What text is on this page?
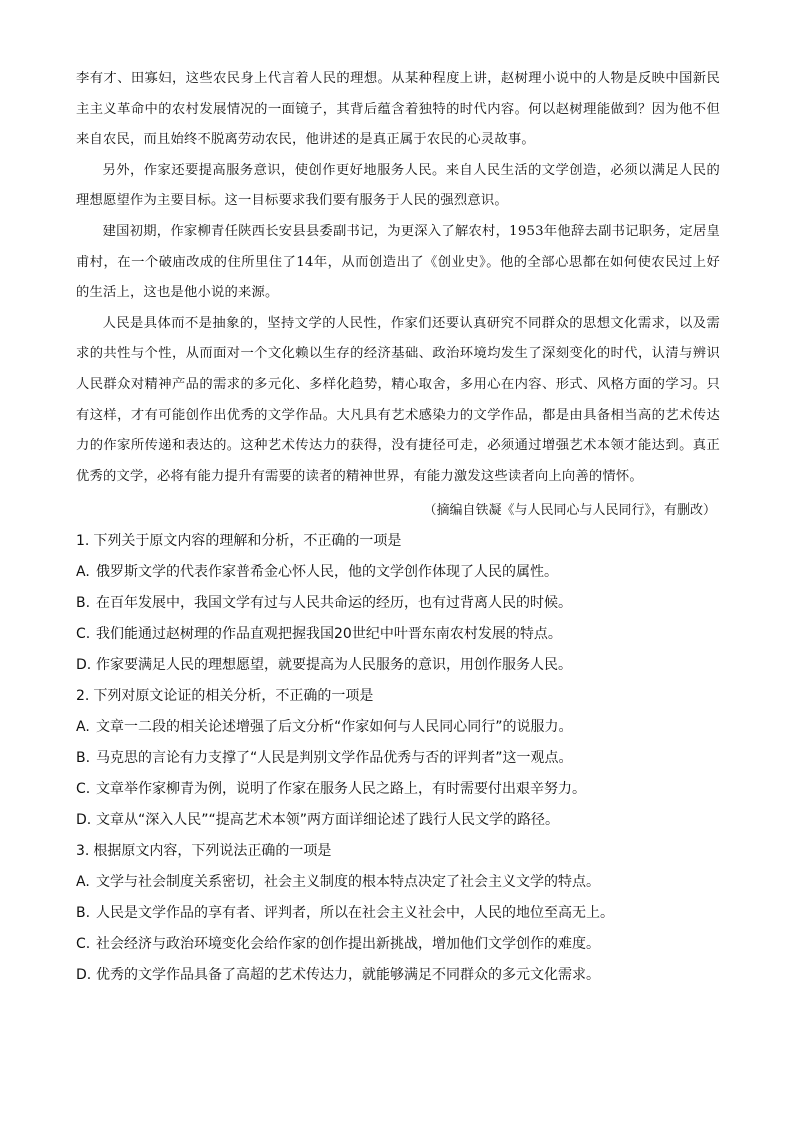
李有才、田寡妇，这些农民身上代言着人民的理想。从某种程度上讲，赵树理小说中的人物是反映中国新民主主义革命中的农村发展情况的一面镜子，其背后蕴含着独特的时代内容。何以赵树理能做到？因为他不但来自农民，而且始终不脱离劳动农民，他讲述的是真正属于农民的心灵故事。

另外，作家还要提高服务意识，使创作更好地服务人民。来自人民生活的文学创造，必须以满足人民的理想愿望作为主要目标。这一目标要求我们要有服务于人民的强烈意识。

建国初期，作家柳青任陕西长安县县委副书记，为更深入了解农村，1953年他辞去副书记职务，定居皇甫村，在一个破庙改成的住所里住了14年，从而创造出了《创业史》。他的全部心思都在如何使农民过上好的生活上，这也是他小说的来源。

人民是具体而不是抽象的，坚持文学的人民性，作家们还要认真研究不同群众的思想文化需求，以及需求的共性与个性，从而面对一个文化赖以生存的经济基础、政治环境均发生了深刻变化的时代，认清与辨识人民群众对精神产品的需求的多元化、多样化趋势，精心取舍，多用心在内容、形式、风格方面的学习。只有这样，才有可能创作出优秀的文学作品。大凡具有艺术感染力的文学作品，都是由具备相当高的艺术传达力的作家所传递和表达的。这种艺术传达力的获得，没有捷径可走，必须通过增强艺术本领才能达到。真正优秀的文学，必将有能力提升有需要的读者的精神世界，有能力激发这些读者向上向善的情怀。

（摘编自铁凝《与人民同心与人民同行》，有删改）
1. 下列关于原文内容的理解和分析，不正确的一项是
A. 俄罗斯文学的代表作家普希金心怀人民，他的文学创作体现了人民的属性。
B. 在百年发展中，我国文学有过与人民共命运的经历，也有过背离人民的时候。
C. 我们能通过赵树理的作品直观把握我国20世纪中叶晋东南农村发展的特点。
D. 作家要满足人民的理想愿望，就要提高为人民服务的意识，用创作服务人民。
2. 下列对原文论证的相关分析，不正确的一项是
A. 文章一二段的相关论述增强了后文分析“作家如何与人民同心同行”的说服力。
B. 马克思的言论有力支撑了“人民是判别文学作品优秀与否的评判者”这一观点。
C. 文章举作家柳青为例，说明了作家在服务人民之路上，有时需要付出艰辛努力。
D. 文章从“深入人民”“提高艺术本领”两方面详细论述了践行人民文学的路径。
3. 根据原文内容，下列说法正确的一项是
A. 文学与社会制度关系密切，社会主义制度的根本特点决定了社会主义文学的特点。
B. 人民是文学作品的享有者、评判者，所以在社会主义社会中，人民的地位至高无上。
C. 社会经济与政治环境变化会给作家的创作提出新挑战，增加他们文学创作的难度。
D. 优秀的文学作品具备了高超的艺术传达力，就能够满足不同群众的多元文化需求。
